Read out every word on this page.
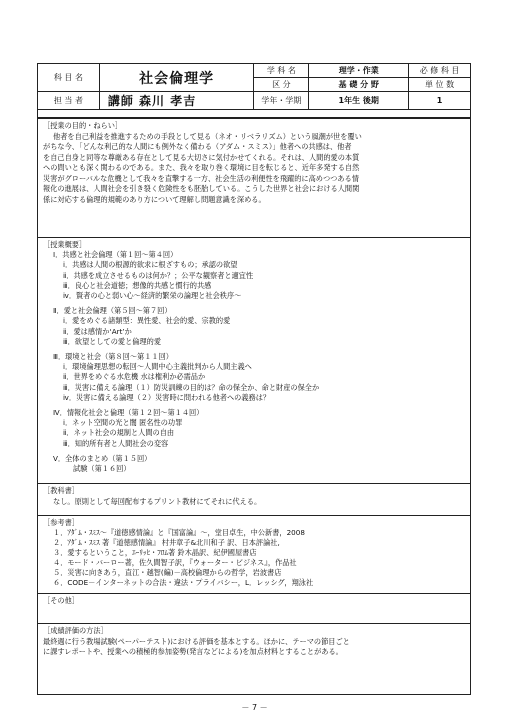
科 目 名	社会倫理学	学 科 名	理学・作業	必 修 科 目
		区 分	基 礎 分 野	単 位 数
担 当 者	講師 森川 孝吉	学年・学期	1年生 後期	1
［授業の目的・ねらい］
他者を自己利益を推進するための手段として見る（ネオ・リベラリズム）という風潮が世を覆い
がちな今、「どんな利己的な人間にも例外なく備わる（アダム・スミス）」他者への共感は、他者
を自己自身と同等な尊厳ある存在として見る大切さに気付かせてくれる。それは、人間的愛の本質
への問いとも深く関わるのである。また、我々を取り巻く環境に目を転じると、近年多発する自然
災害がグローバルな危機として我々を直撃する一方、社会生活の利便性を飛躍的に高めつつある情
報化の進展は、人間社会を引き裂く危険性をも胚胎している。こうした世界と社会における人間関
係に対応する倫理的規範のあり方について理解し問題意識を深める。
［授業概要］
Ⅰ．共感と社会倫理（第１回～第４回）
ⅰ．共感は人間の根源的欲求に根ざすもの；承認の欲望
ⅱ．共感を成立させるものは何か？；公平な観察者と適宜性
ⅲ．良心と社会道徳；想像的共感と慣行的共感
ⅳ．賢者の心と弱い心～経済的繁栄の論理と社会秩序～
Ⅱ．愛と社会倫理（第５回～第７回）
ⅰ．愛をめぐる諸類型：異性愛、社会的愛、宗教的愛
ⅱ．愛は感情か‘Art’か
ⅲ．欲望としての愛と倫理的愛
Ⅲ．環境と社会（第８回～第１１回）
ⅰ．環境倫理思想の転回～人間中心主義批判から人間主義へ
ⅱ．世界をめぐる水危機 水は権利か必需品か
ⅲ．災害に備える論理（１）防災訓練の目的は？命の保全か、命と財産の保全か
ⅳ．災害に備える論理（２）災害時に問われる他者への義務は？
Ⅳ．情報化社会と倫理（第１２回～第１４回）
ⅰ．ネット空間の光と闇 匿名性の功罪
ⅱ．ネット社会の規制と人間の自由
ⅲ．知的所有者と人間社会の変容
Ⅴ．全体のまとめ（第１５回）
試験（第１６回）
［教科書］
なし。原則として毎回配布するプリント教材にてそれに代える。
［参考書］
１．ｱﾀﾞﾑ・ｽﾐｽ～『道徳感情論』と『国富論』～，堂目卓生，中公新書，2008
２．ｱﾀﾞﾑ・ｽﾐｽ 著『道徳感情論』 村井章子&北川和子 訳、日本評論社,
３．愛するということ，ｴｰﾘｯﾋ・ﾌﾛﾑ著 鈴木晶訳、紀伊國屋書店
４．モード・バーロー著，佐久間智子訳，『ウォーター・ビジネス』，作品社
５．災害に向きあう，直江・越智(編)－高校倫理からの哲学，岩波書店
６．CODE－インターネットの合法・違法・プライバシー，L．レッシグ，翔泳社
［その他］
［成績評価の方法］
最終週に行う教場試験(ペーパーテスト)における評価を基本とする。ほかに、テーマの節目ごと
に課すレポートや、授業への積極的参加姿勢(発言などによる)を加点材料とすることがある。
－ 7 －
